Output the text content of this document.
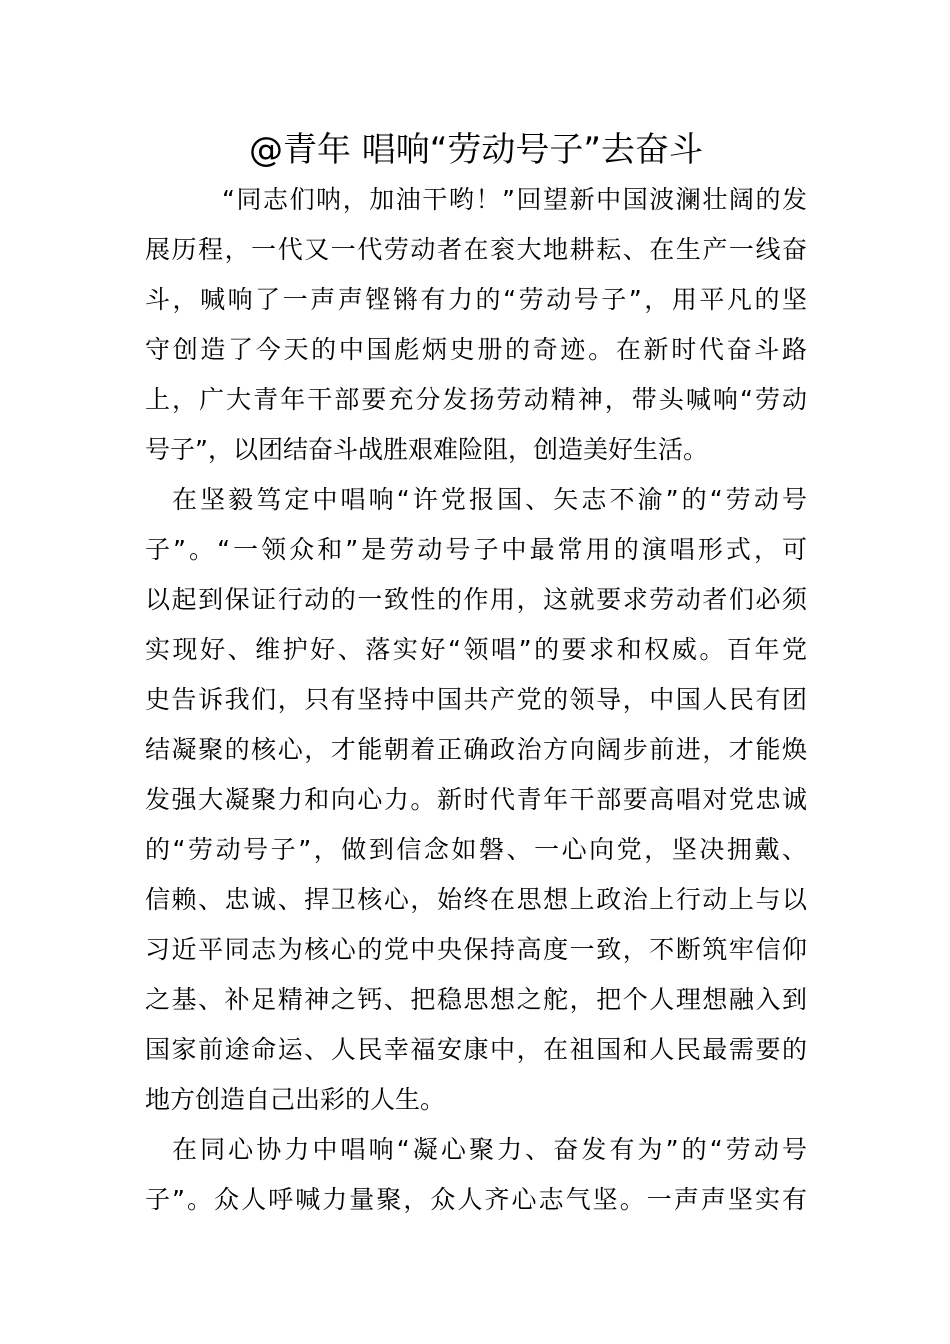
@青年 唱响“劳动号子”去奋斗
“同志们呐，加油干哟！”回望新中国波澜壮阔的发
展历程，一代又一代劳动者在衮大地耕耘、在生产一线奋
斗，喊响了一声声铿锵有力的“劳动号子”，用平凡的坚
守创造了今天的中国彪炳史册的奇迹。在新时代奋斗路
上，广大青年干部要充分发扬劳动精神，带头喊响“劳动
号子”，以团结奋斗战胜艰难险阻，创造美好生活。
在坚毅笃定中唱响“许党报国、矢志不渝”的“劳动号
子”。“一领众和”是劳动号子中最常用的演唱形式，可
以起到保证行动的一致性的作用，这就要求劳动者们必须
实现好、维护好、落实好“领唱”的要求和权威。百年党
史告诉我们，只有坚持中国共产党的领导，中国人民有团
结凝聚的核心，才能朝着正确政治方向阔步前进，才能焕
发强大凝聚力和向心力。新时代青年干部要高唱对党忠诚
的“劳动号子”，做到信念如磐、一心向党，坚决拥戴、
信赖、忠诚、捍卫核心，始终在思想上政治上行动上与以
习近平同志为核心的党中央保持高度一致，不断筑牢信仰
之基、补足精神之钙、把稳思想之舵，把个人理想融入到
国家前途命运、人民幸福安康中，在祖国和人民最需要的
地方创造自己出彩的人生。
在同心协力中唱响“凝心聚力、奋发有为”的“劳动号
子”。众人呼喊力量聚，众人齐心志气坚。一声声坚实有
